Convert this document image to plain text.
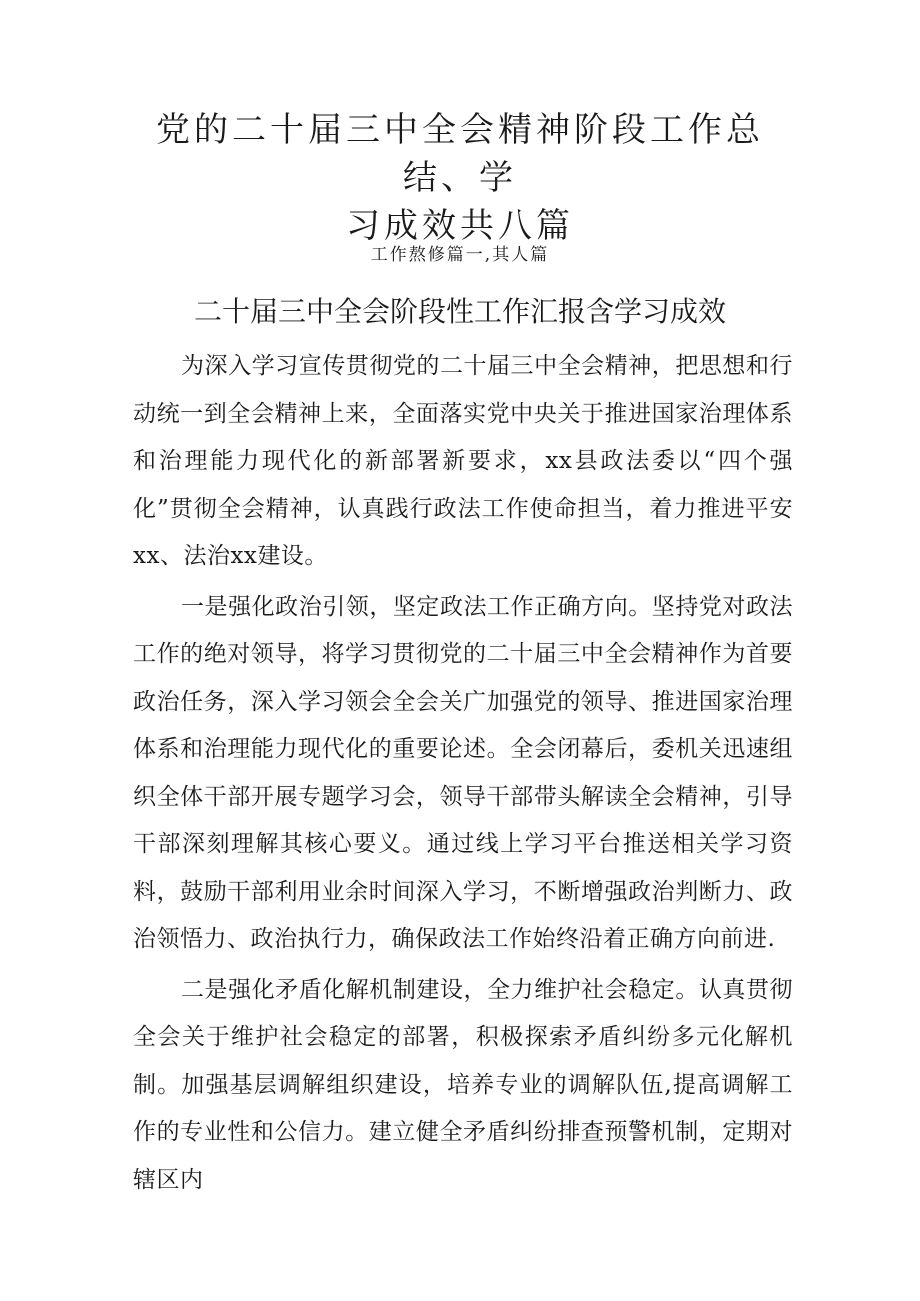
党的二十届三中全会精神阶段工作总结、学
习成效共八篇

工作熬修篇一,其人篇

二十届三中全会阶段性工作汇报含学习成效

为深入学习宣传贯彻党的二十届三中全会精神，把思想和行动统一到全会精神上来，全面落实党中央关于推进国家治理体系和治理能力现代化的新部署新要求，xx县政法委以“四个强化”贯彻全会精神，认真践行政法工作使命担当，着力推进平安xx、法治xx建设。

一是强化政治引领，坚定政法工作正确方向。坚持党对政法工作的绝对领导，将学习贯彻党的二十届三中全会精神作为首要政治任务，深入学习领会全会关广加强党的领导、推进国家治理体系和治理能力现代化的重要论述。全会闭幕后，委机关迅速组织全体干部开展专题学习会，领导干部带头解读全会精神，引导干部深刻理解其核心要义。通过线上学习平台推送相关学习资料，鼓励干部利用业余时间深入学习，不断增强政治判断力、政治领悟力、政治执行力，确保政法工作始终沿着正确方向前进.

二是强化矛盾化解机制建设，全力维护社会稳定。认真贯彻全会关于维护社会稳定的部署，积极探索矛盾纠纷多元化解机制。加强基层调解组织建设，培养专业的调解队伍,提高调解工作的专业性和公信力。建立健全矛盾纠纷排查预警机制，定期对辖区内
